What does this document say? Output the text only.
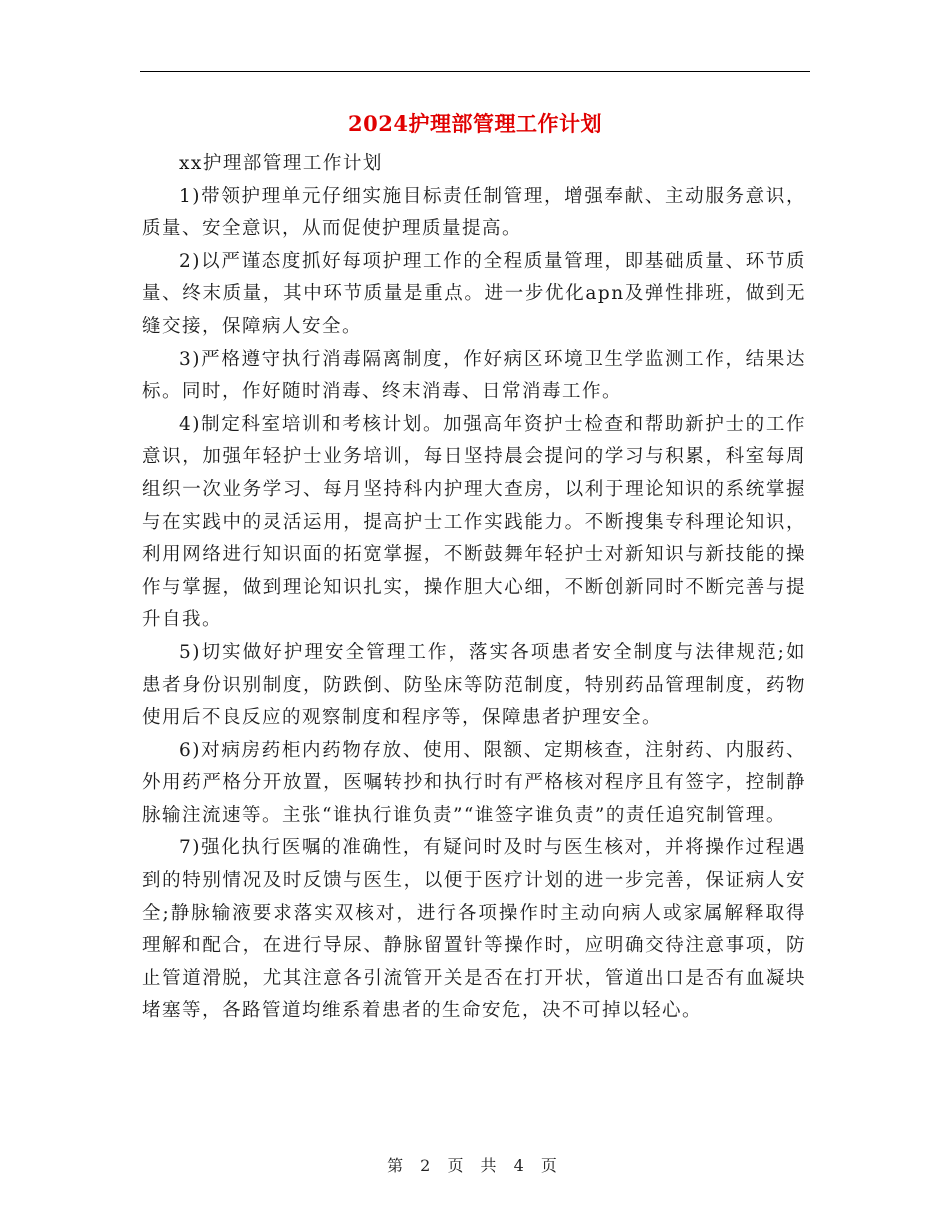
2024护理部管理工作计划

xx护理部管理工作计划

1)带领护理单元仔细实施目标责任制管理，增强奉献、主动服务意识，质量、安全意识，从而促使护理质量提高。

2)以严谨态度抓好每项护理工作的全程质量管理，即基础质量、环节质量、终末质量，其中环节质量是重点。进一步优化apn及弹性排班，做到无缝交接，保障病人安全。

3)严格遵守执行消毒隔离制度，作好病区环境卫生学监测工作，结果达标。同时，作好随时消毒、终末消毒、日常消毒工作。

4)制定科室培训和考核计划。加强高年资护士检查和帮助新护士的工作意识，加强年轻护士业务培训，每日坚持晨会提问的学习与积累，科室每周组织一次业务学习、每月坚持科内护理大查房，以利于理论知识的系统掌握与在实践中的灵活运用，提高护士工作实践能力。不断搜集专科理论知识，利用网络进行知识面的拓宽掌握，不断鼓舞年轻护士对新知识与新技能的操作与掌握，做到理论知识扎实，操作胆大心细，不断创新同时不断完善与提升自我。

5)切实做好护理安全管理工作，落实各项患者安全制度与法律规范;如患者身份识别制度，防跌倒、防坠床等防范制度，特别药品管理制度，药物使用后不良反应的观察制度和程序等，保障患者护理安全。

6)对病房药柜内药物存放、使用、限额、定期核查，注射药、内服药、外用药严格分开放置，医嘱转抄和执行时有严格核对程序且有签字，控制静脉输注流速等。主张“谁执行谁负责”“谁签字谁负责”的责任追究制管理。

7)强化执行医嘱的准确性，有疑问时及时与医生核对，并将操作过程遇到的特别情况及时反馈与医生，以便于医疗计划的进一步完善，保证病人安全;静脉输液要求落实双核对，进行各项操作时主动向病人或家属解释取得理解和配合，在进行导尿、静脉留置针等操作时，应明确交待注意事项，防止管道滑脱，尤其注意各引流管开关是否在打开状，管道出口是否有血凝块堵塞等，各路管道均维系着患者的生命安危，决不可掉以轻心。

第 2 页 共 4 页
